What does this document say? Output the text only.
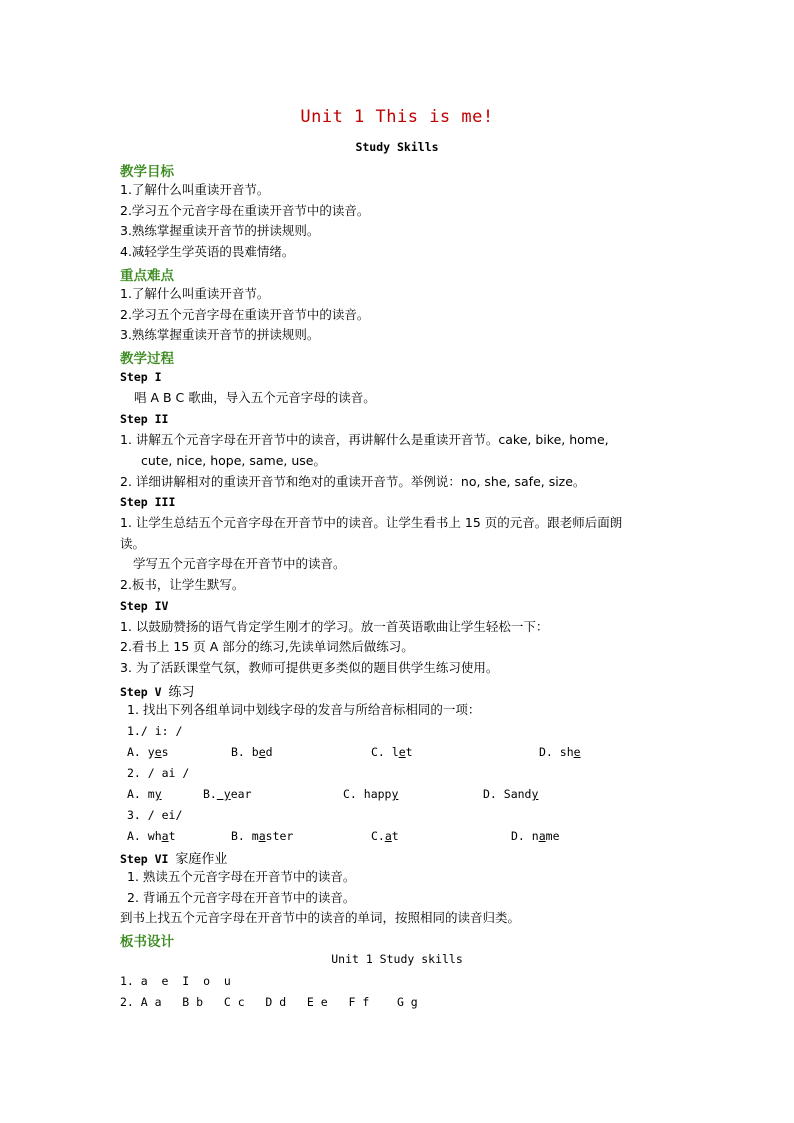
Unit 1 This is me!
Study Skills
教学目标
1.了解什么叫重读开音节。
2.学习五个元音字母在重读开音节中的读音。
3.熟练掌握重读开音节的拼读规则。
4.减轻学生学英语的畏难情绪。
重点难点
1.了解什么叫重读开音节。
2.学习五个元音字母在重读开音节中的读音。
3.熟练掌握重读开音节的拼读规则。
教学过程
Step I
唱 A B C 歌曲，导入五个元音字母的读音。
Step II
1. 讲解五个元音字母在开音节中的读音，再讲解什么是重读开音节。cake, bike, home,
cute, nice, hope, same, use。
2. 详细讲解相对的重读开音节和绝对的重读开音节。举例说：no, she, safe, size。
Step III
1. 让学生总结五个元音字母在开音节中的读音。让学生看书上 15 页的元音。跟老师后面朗
读。
学写五个元音字母在开音节中的读音。
2.板书，让学生默写。
Step IV
1. 以鼓励赞扬的语气肯定学生刚才的学习。放一首英语歌曲让学生轻松一下：
2.看书上 15 页 A 部分的练习,先读单词然后做练习。
3. 为了活跃课堂气氛，教师可提供更多类似的题目供学生练习使用。
Step V 练习
1. 找出下列各组单词中划线字母的发音与所给音标相同的一项：
1./ i: /
A. yes	B. bed	C. let	D. she
2. / ai /
A. my	B. year	C. happy	D. Sandy
3. / ei/
A. what	B. master	C.at	D. name
Step VI 家庭作业
1. 熟读五个元音字母在开音节中的读音。
2. 背诵五个元音字母在开音节中的读音。
到书上找五个元音字母在开音节中的读音的单词，按照相同的读音归类。
板书设计
Unit 1 Study skills
1. a  e  I  o  u
2. A a   B b   C c   D d   E e   F f    G g
